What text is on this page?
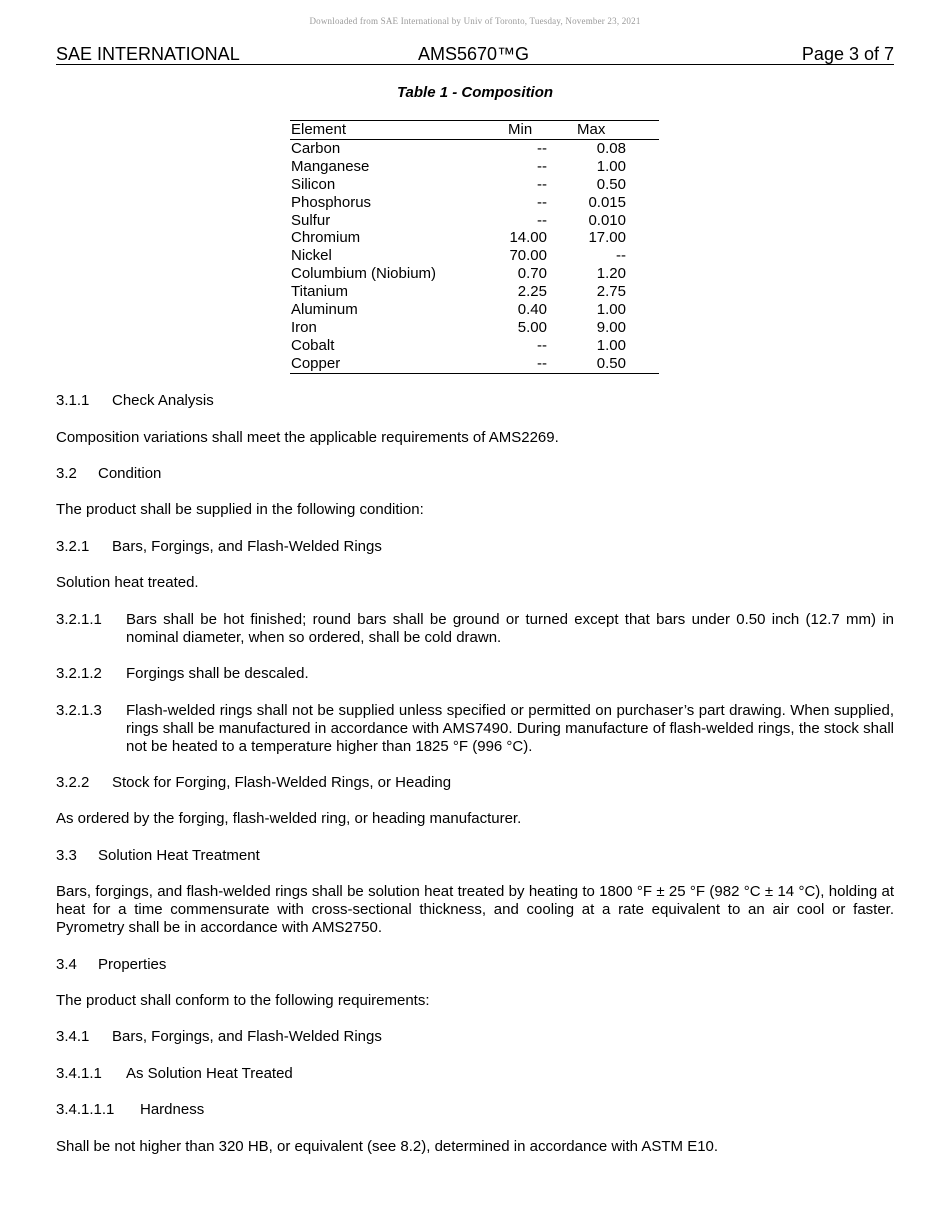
Downloaded from SAE International by Univ of Toronto, Tuesday, November 23, 2021
SAE INTERNATIONAL	AMS5670™G	Page 3 of 7
Table 1 - Composition
Element	Min	Max
Carbon	--	0.08
Manganese	--	1.00
Silicon	--	0.50
Phosphorus	--	0.015
Sulfur	--	0.010
Chromium	14.00	17.00
Nickel	70.00	--
Columbium (Niobium)	0.70	1.20
Titanium	2.25	2.75
Aluminum	0.40	1.00
Iron	5.00	9.00
Cobalt	--	1.00
Copper	--	0.50
3.1.1 Check Analysis
Composition variations shall meet the applicable requirements of AMS2269.
3.2 Condition
The product shall be supplied in the following condition:
3.2.1 Bars, Forgings, and Flash-Welded Rings
Solution heat treated.
3.2.1.1 Bars shall be hot finished; round bars shall be ground or turned except that bars under 0.50 inch (12.7 mm) in nominal diameter, when so ordered, shall be cold drawn.
3.2.1.2 Forgings shall be descaled.
3.2.1.3 Flash-welded rings shall not be supplied unless specified or permitted on purchaser’s part drawing. When supplied, rings shall be manufactured in accordance with AMS7490. During manufacture of flash-welded rings, the stock shall not be heated to a temperature higher than 1825 °F (996 °C).
3.2.2 Stock for Forging, Flash-Welded Rings, or Heading
As ordered by the forging, flash-welded ring, or heading manufacturer.
3.3 Solution Heat Treatment
Bars, forgings, and flash-welded rings shall be solution heat treated by heating to 1800 °F ± 25 °F (982 °C ± 14 °C), holding at heat for a time commensurate with cross-sectional thickness, and cooling at a rate equivalent to an air cool or faster. Pyrometry shall be in accordance with AMS2750.
3.4 Properties
The product shall conform to the following requirements:
3.4.1 Bars, Forgings, and Flash-Welded Rings
3.4.1.1 As Solution Heat Treated
3.4.1.1.1 Hardness
Shall be not higher than 320 HB, or equivalent (see 8.2), determined in accordance with ASTM E10.
